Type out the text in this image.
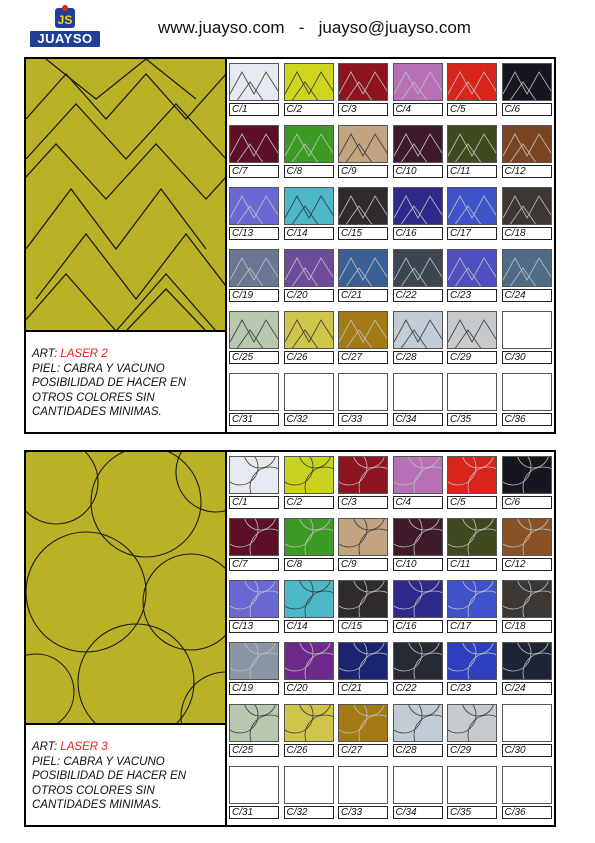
JS
JUAYSO
www.juayso.com   -   juayso@juayso.com
ART: LASER 2
PIEL: CABRA Y VACUNO
POSIBILIDAD DE HACER EN
OTROS COLORES SIN
CANTIDADES MINIMAS.
C/1	C/2	C/3	C/4	C/5	C/6
C/7	C/8	C/9	C/10	C/11	C/12
C/13	C/14	C/15	C/16	C/17	C/18
C/19	C/20	C/21	C/22	C/23	C/24
C/25	C/26	C/27	C/28	C/29	C/30
C/31	C/32	C/33	C/34	C/35	C/36
ART: LASER 3
PIEL: CABRA Y VACUNO
POSIBILIDAD DE HACER EN
OTROS COLORES SIN
CANTIDADES MINIMAS.
C/1	C/2	C/3	C/4	C/5	C/6
C/7	C/8	C/9	C/10	C/11	C/12
C/13	C/14	C/15	C/16	C/17	C/18
C/19	C/20	C/21	C/22	C/23	C/24
C/25	C/26	C/27	C/28	C/29	C/30
C/31	C/32	C/33	C/34	C/35	C/36
